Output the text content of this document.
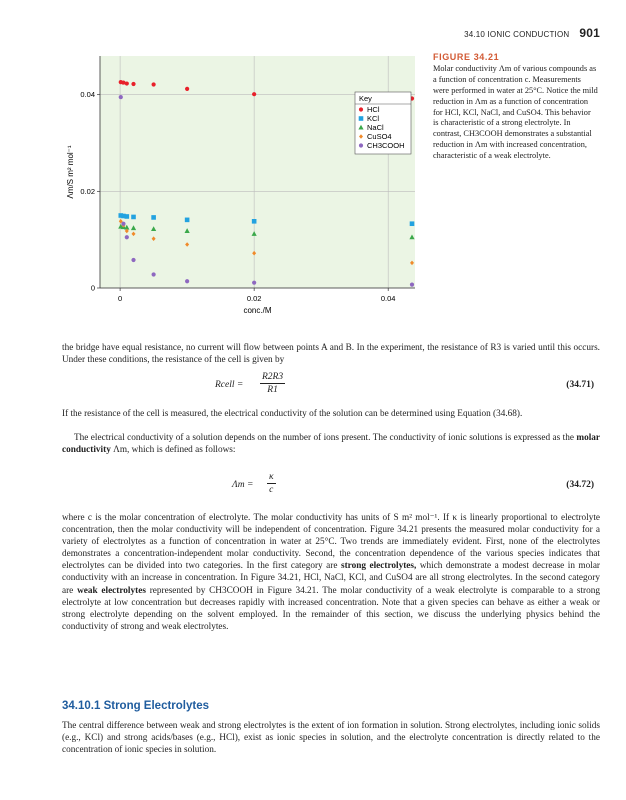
34.10 IONIC CONDUCTION 901
FIGURE 34.21
Molar conductivity Λm of various compounds as a function of concentration c. Measurements were performed in water at 25°C. Notice the mild reduction in Λm as a function of concentration for HCl, KCl, NaCl, and CuSO4. This behavior is characteristic of a strong electrolyte. In contrast, CH3COOH demonstrates a substantial reduction in Λm with increased concentration, characteristic of a weak electrolyte.
0	0.02	0.04
0
0.02
0.04
conc./M
Λm/S m² mol⁻¹
Key
HCl
KCl
NaCl
CuSO4
CH3COOH

the bridge have equal resistance, no current will flow between points A and B. In the experiment, the resistance of R3 is varied until this occurs. Under these conditions, the resistance of the cell is given by

Rcell = $\frac{R2R3}{R1}$	(34.71)

If the resistance of the cell is measured, the electrical conductivity of the solution can be determined using Equation (34.68).

The electrical conductivity of a solution depends on the number of ions present. The conductivity of ionic solutions is expressed as the molar conductivity Λm, which is defined as follows:

$\Lambda m = \frac{\kappa}{c}$	(34.72)

where c is the molar concentration of electrolyte. The molar conductivity has units of S m² mol⁻¹. If κ is linearly proportional to electrolyte concentration, then the molar conductivity will be independent of concentration. Figure 34.21 presents the measured molar conductivity for a variety of electrolytes as a function of concentration in water at 25°C. Two trends are immediately evident. First, none of the electrolytes demonstrates a concentration-independent molar conductivity. Second, the concentration dependence of the various species indicates that electrolytes can be divided into two categories. In the first category are strong electrolytes, which demonstrate a modest decrease in molar conductivity with an increase in concentration. In Figure 34.21, HCl, NaCl, KCl, and CuSO4 are all strong electrolytes. In the second category are weak electrolytes represented by CH3COOH in Figure 34.21. The molar conductivity of a weak electrolyte is comparable to a strong electrolyte at low concentration but decreases rapidly with increased concentration. Note that a given species can behave as either a weak or strong electrolyte depending on the solvent employed. In the remainder of this section, we discuss the underlying physics behind the conductivity of strong and weak electrolytes.

34.10.1 Strong Electrolytes

The central difference between weak and strong electrolytes is the extent of ion formation in solution. Strong electrolytes, including ionic solids (e.g., KCl) and strong acids/bases (e.g., HCl), exist as ionic species in solution, and the electrolyte concentration is directly related to the concentration of ionic species in solution.
